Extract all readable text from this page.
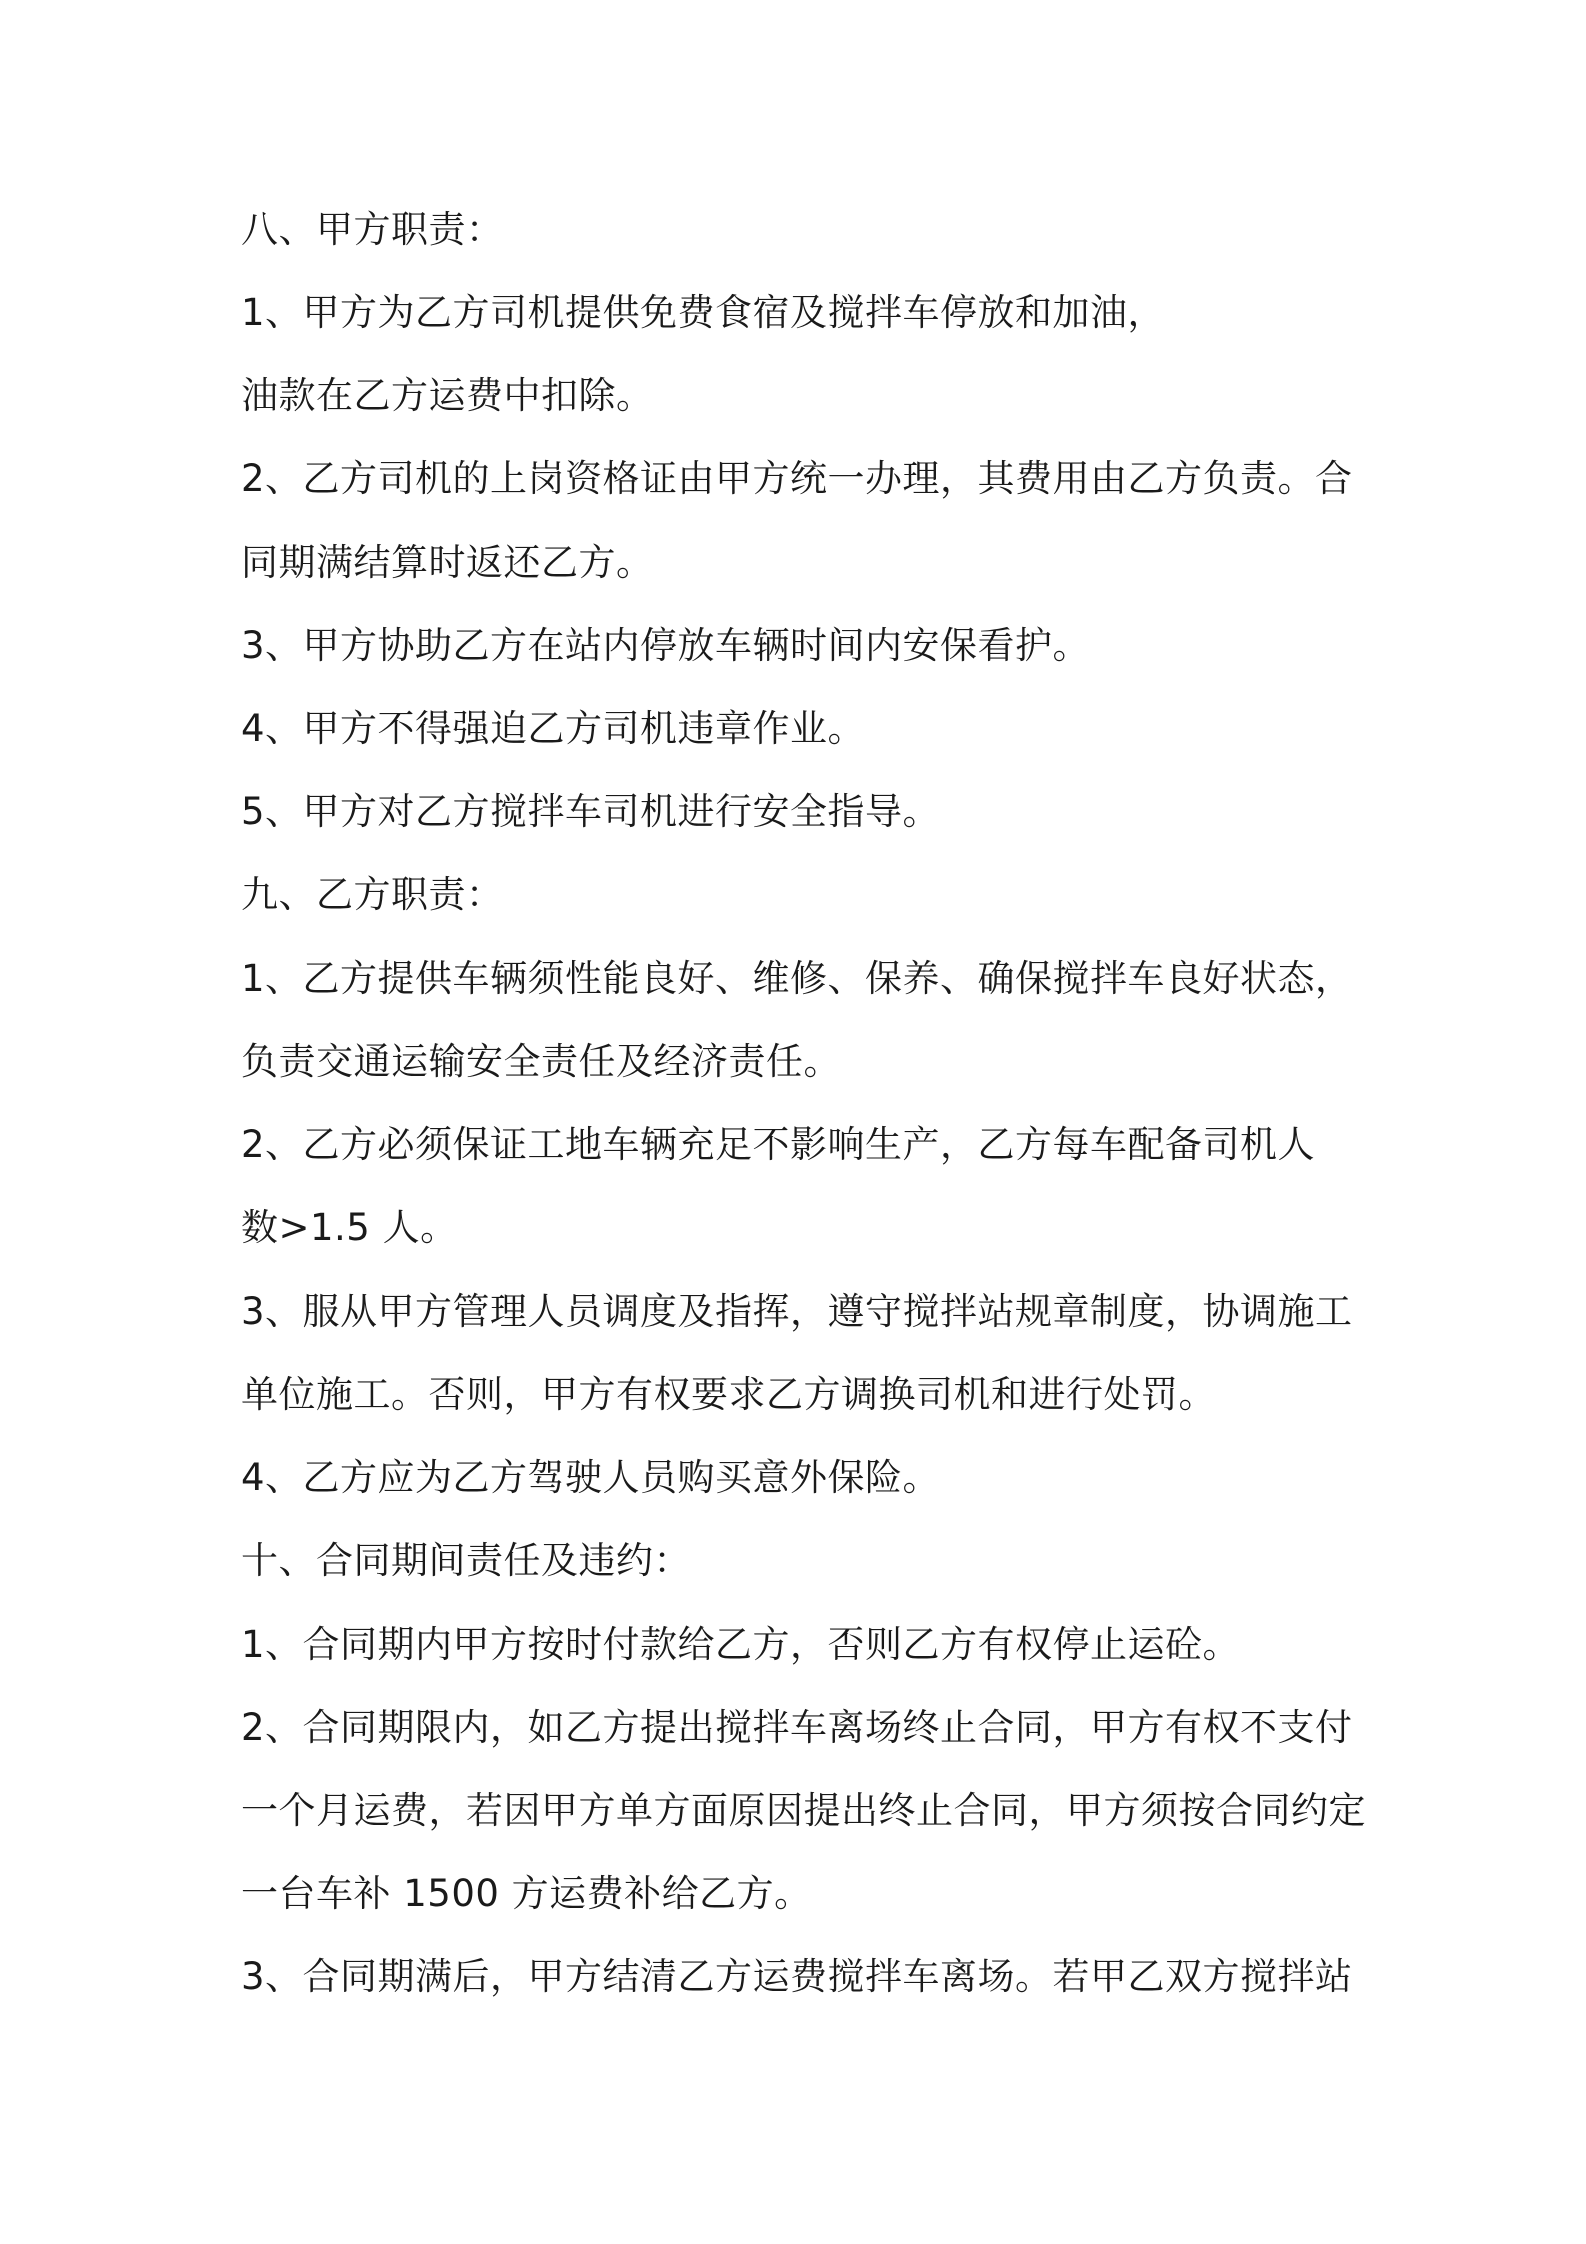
八、甲方职责：
1、甲方为乙方司机提供免费食宿及搅拌车停放和加油，
油款在乙方运费中扣除。
2、乙方司机的上岗资格证由甲方统一办理，其费用由乙方负责。合
同期满结算时返还乙方。
3、甲方协助乙方在站内停放车辆时间内安保看护。
4、甲方不得强迫乙方司机违章作业。
5、甲方对乙方搅拌车司机进行安全指导。
九、乙方职责：
1、乙方提供车辆须性能良好、维修、保养、确保搅拌车良好状态，
负责交通运输安全责任及经济责任。
2、乙方必须保证工地车辆充足不影响生产，乙方每车配备司机人
数>1.5 人。
3、服从甲方管理人员调度及指挥，遵守搅拌站规章制度，协调施工
单位施工。否则，甲方有权要求乙方调换司机和进行处罚。
4、乙方应为乙方驾驶人员购买意外保险。
十、合同期间责任及违约：
1、合同期内甲方按时付款给乙方，否则乙方有权停止运砼。
2、合同期限内，如乙方提出搅拌车离场终止合同，甲方有权不支付
一个月运费，若因甲方单方面原因提出终止合同，甲方须按合同约定
一台车补 1500 方运费补给乙方。
3、合同期满后，甲方结清乙方运费搅拌车离场。若甲乙双方搅拌站
